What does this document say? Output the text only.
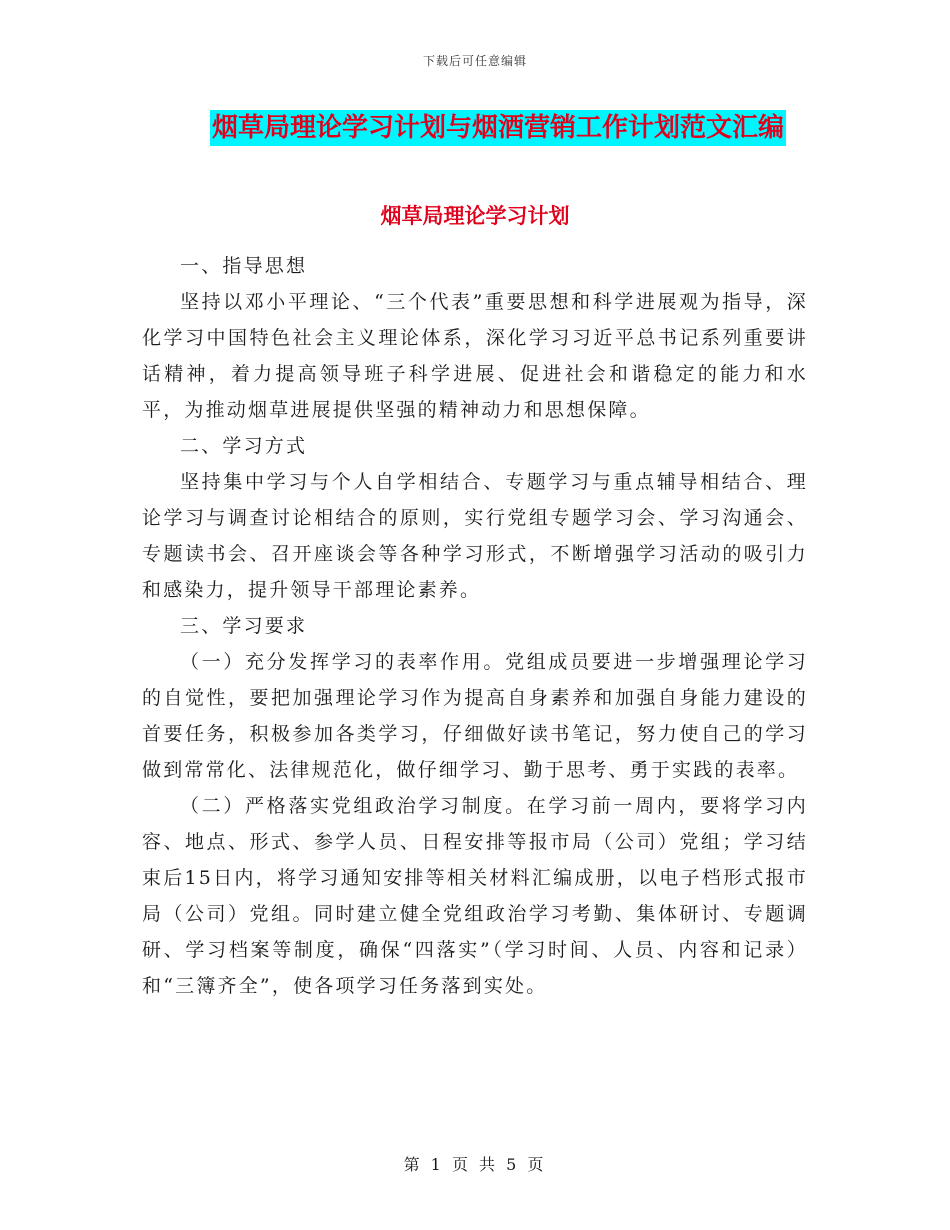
下载后可任意编辑
烟草局理论学习计划与烟酒营销工作计划范文汇编
烟草局理论学习计划

一、指导思想

坚持以邓小平理论、“三个代表”重要思想和科学进展观为指导，深化学习中国特色社会主义理论体系，深化学习习近平总书记系列重要讲话精神，着力提高领导班子科学进展、促进社会和谐稳定的能力和水平，为推动烟草进展提供坚强的精神动力和思想保障。

二、学习方式

坚持集中学习与个人自学相结合、专题学习与重点辅导相结合、理论学习与调查讨论相结合的原则，实行党组专题学习会、学习沟通会、专题读书会、召开座谈会等各种学习形式，不断增强学习活动的吸引力和感染力，提升领导干部理论素养。

三、学习要求

（一）充分发挥学习的表率作用。党组成员要进一步增强理论学习的自觉性，要把加强理论学习作为提高自身素养和加强自身能力建设的首要任务，积极参加各类学习，仔细做好读书笔记，努力使自己的学习做到常常化、法律规范化，做仔细学习、勤于思考、勇于实践的表率。

（二）严格落实党组政治学习制度。在学习前一周内，要将学习内容、地点、形式、参学人员、日程安排等报市局（公司）党组；学习结束后15日内，将学习通知安排等相关材料汇编成册，以电子档形式报市局（公司）党组。同时建立健全党组政治学习考勤、集体研讨、专题调研、学习档案等制度，确保“四落实”（学习时间、人员、内容和记录）和“三簿齐全”，使各项学习任务落到实处。

第 1 页 共 5 页
